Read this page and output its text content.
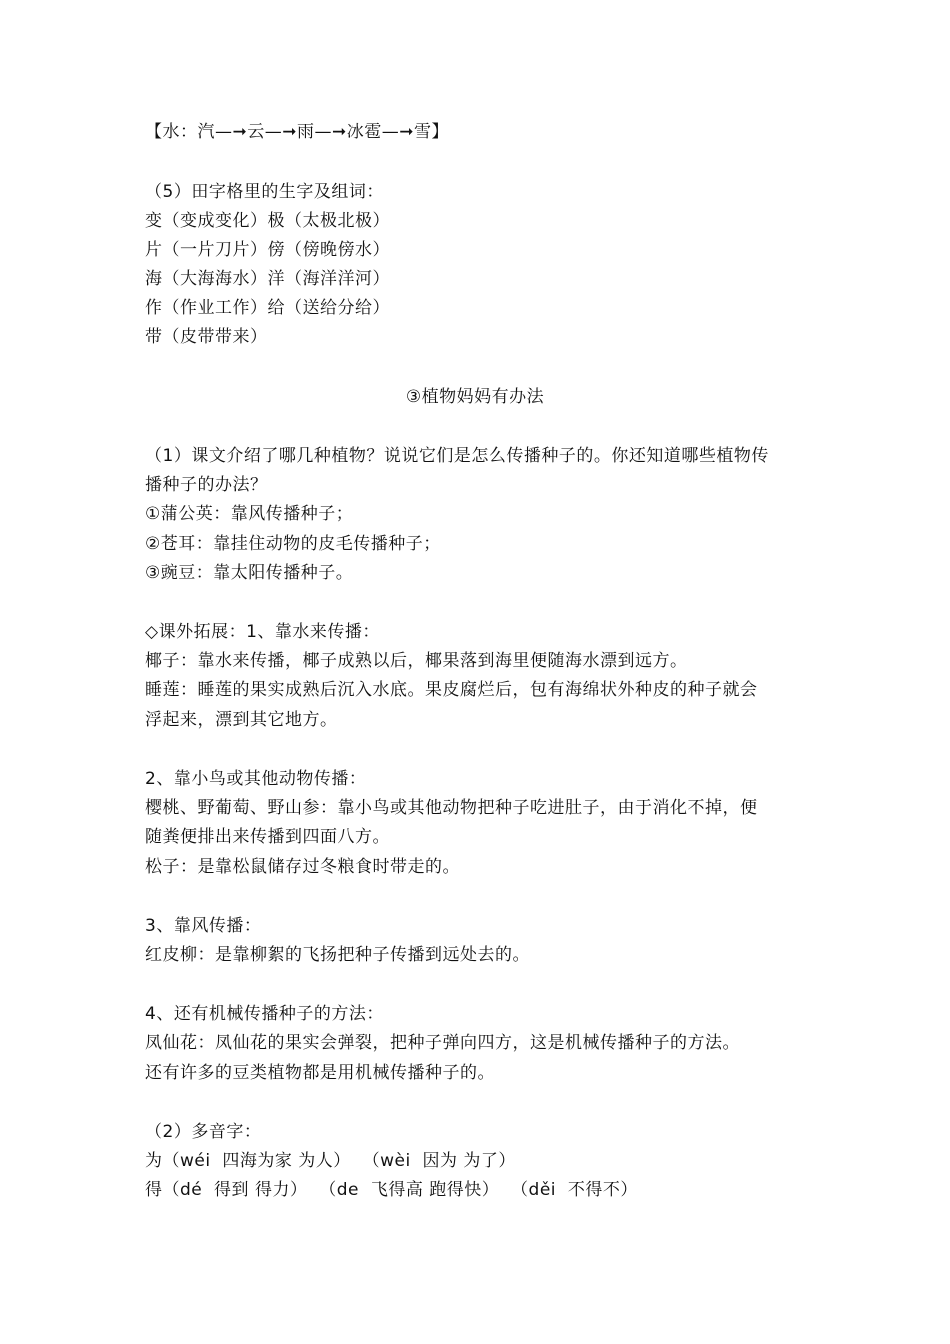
【水：汽—➞云—➞雨—➞冰雹—➞雪】
（5）田字格里的生字及组词：
变（变成变化）极（太极北极）
片（一片刀片）傍（傍晚傍水）
海（大海海水）洋（海洋洋河）
作（作业工作）给（送给分给）
带（皮带带来）
③植物妈妈有办法
（1）课文介绍了哪几种植物？说说它们是怎么传播种子的。你还知道哪些植物传
播种子的办法？
①蒲公英：靠风传播种子；
②苍耳：靠挂住动物的皮毛传播种子；
③豌豆：靠太阳传播种子。
◇课外拓展：1、靠水来传播：
椰子：靠水来传播，椰子成熟以后，椰果落到海里便随海水漂到远方。
睡莲：睡莲的果实成熟后沉入水底。果皮腐烂后，包有海绵状外种皮的种子就会
浮起来，漂到其它地方。
2、靠小鸟或其他动物传播：
樱桃、野葡萄、野山参：靠小鸟或其他动物把种子吃进肚子，由于消化不掉，便
随粪便排出来传播到四面八方。
松子：是靠松鼠储存过冬粮食时带走的。
3、靠风传播：
红皮柳：是靠柳絮的飞扬把种子传播到远处去的。
4、还有机械传播种子的方法：
凤仙花：凤仙花的果实会弹裂，把种子弹向四方，这是机械传播种子的方法。
还有许多的豆类植物都是用机械传播种子的。
（2）多音字：
为（wéi  四海为家 为人）  （wèi  因为 为了）
得（dé  得到 得力）  （de  飞得高 跑得快）  （děi  不得不）
